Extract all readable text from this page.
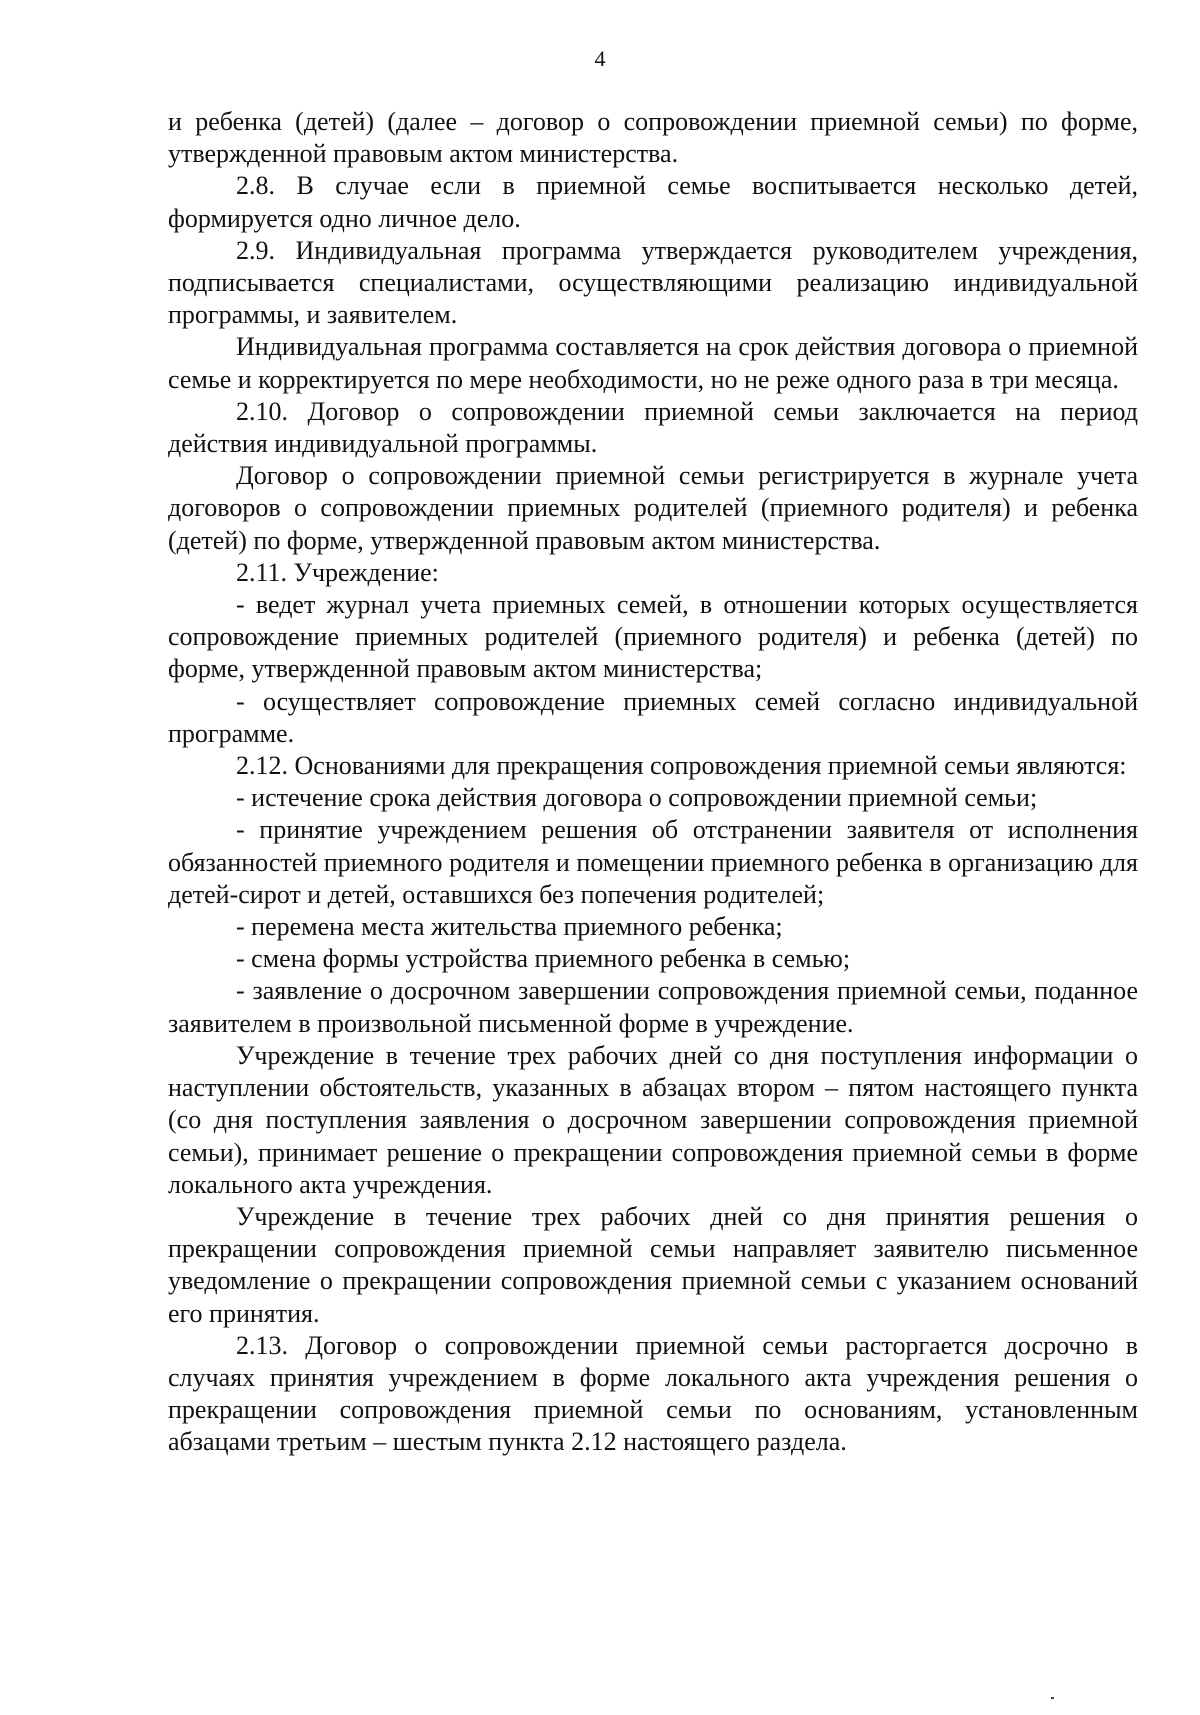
4

и ребенка (детей) (далее – договор о сопровождении приемной семьи) по форме, утвержденной правовым актом министерства.

2.8. В случае если в приемной семье воспитывается несколько детей, формируется одно личное дело.

2.9. Индивидуальная программа утверждается руководителем учреждения, подписывается специалистами, осуществляющими реализацию индивидуальной программы, и заявителем.

Индивидуальная программа составляется на срок действия договора о приемной семье и корректируется по мере необходимости, но не реже одного раза в три месяца.

2.10. Договор о сопровождении приемной семьи заключается на период действия индивидуальной программы.

Договор о сопровождении приемной семьи регистрируется в журнале учета договоров о сопровождении приемных родителей (приемного родителя) и ребенка (детей) по форме, утвержденной правовым актом министерства.

2.11. Учреждение:

- ведет журнал учета приемных семей, в отношении которых осуществляется сопровождение приемных родителей (приемного родителя) и ребенка (детей) по форме, утвержденной правовым актом министерства;

- осуществляет сопровождение приемных семей согласно индивидуальной программе.

2.12. Основаниями для прекращения сопровождения приемной семьи являются:

- истечение срока действия договора о сопровождении приемной семьи;

- принятие учреждением решения об отстранении заявителя от исполнения обязанностей приемного родителя и помещении приемного ребенка в организацию для детей-сирот и детей, оставшихся без попечения родителей;

- перемена места жительства приемного ребенка;

- смена формы устройства приемного ребенка в семью;

- заявление о досрочном завершении сопровождения приемной семьи, поданное заявителем в произвольной письменной форме в учреждение.

Учреждение в течение трех рабочих дней со дня поступления информации о наступлении обстоятельств, указанных в абзацах втором – пятом настоящего пункта (со дня поступления заявления о досрочном завершении сопровождения приемной семьи), принимает решение о прекращении сопровождения приемной семьи в форме локального акта учреждения.

Учреждение в течение трех рабочих дней со дня принятия решения о прекращении сопровождения приемной семьи направляет заявителю письменное уведомление о прекращении сопровождения приемной семьи с указанием оснований его принятия.

2.13. Договор о сопровождении приемной семьи расторгается досрочно в случаях принятия учреждением в форме локального акта учреждения решения о прекращении сопровождения приемной семьи по основаниям, установленным абзацами третьим – шестым пункта 2.12 настоящего раздела.
